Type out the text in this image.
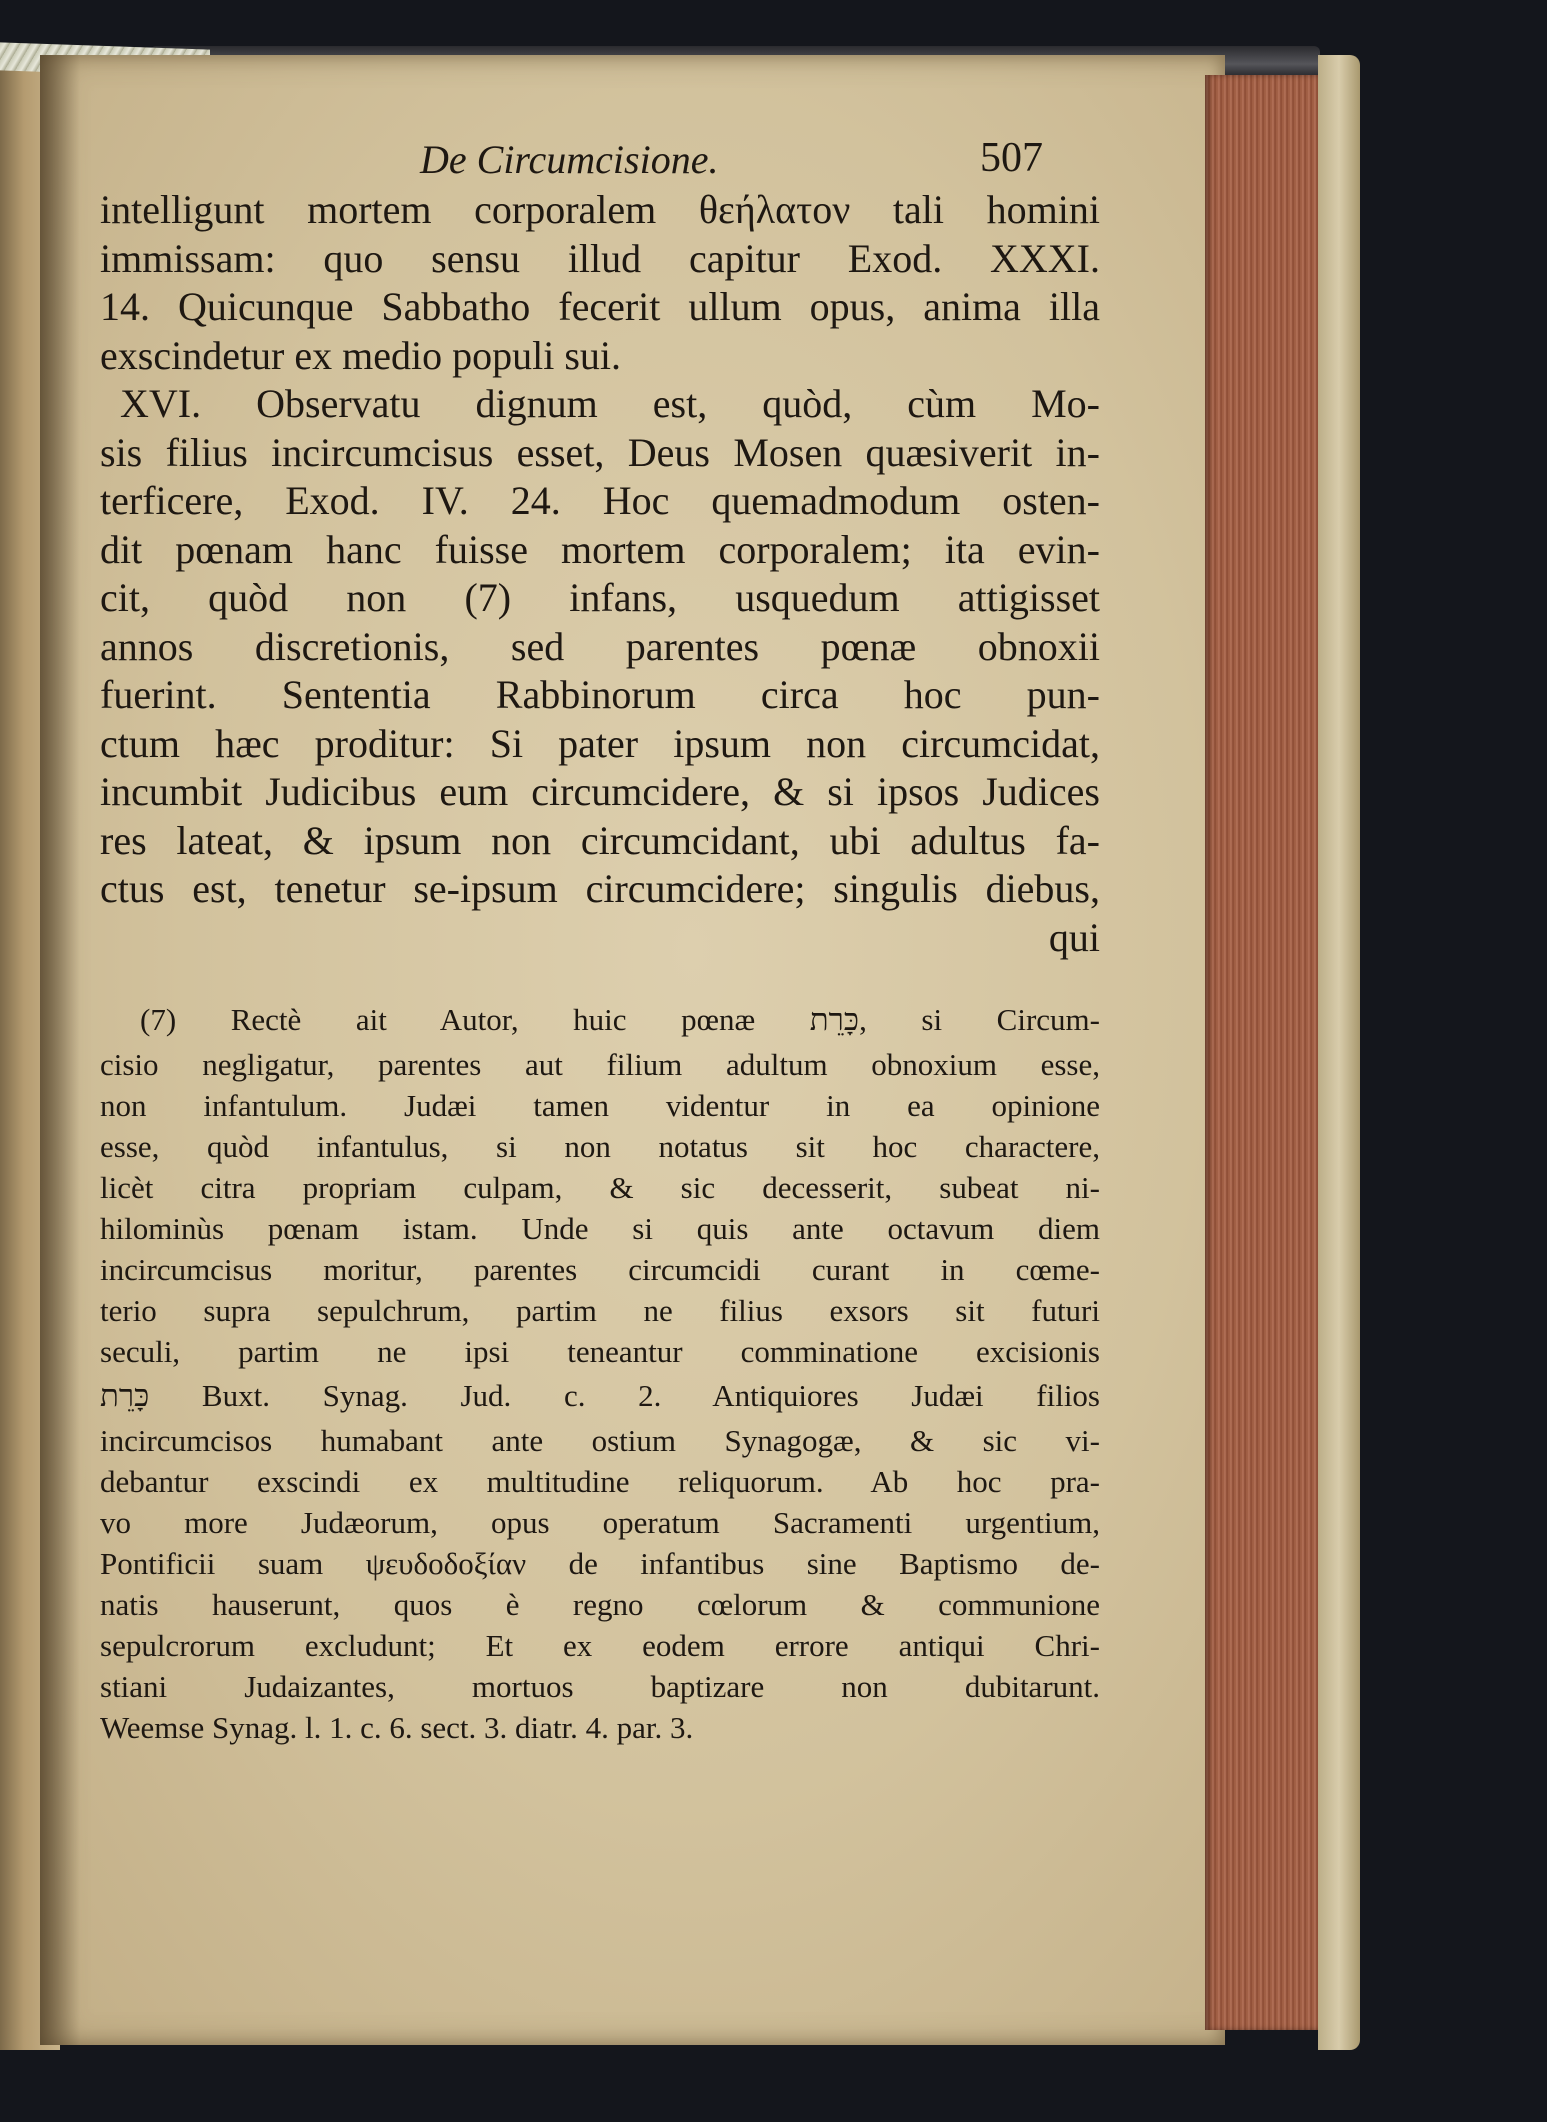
De Circumcisione.	507
intelligunt mortem corporalem θεήλατον tali homini
immissam: quo sensu illud capitur Exod. XXXI.
14. Quicunque Sabbatho fecerit ullum opus, anima illa
exscindetur ex medio populi sui.
XVI. Observatu dignum est, quòd, cùm Mo-
sis filius incircumcisus esset, Deus Mosen quæsiverit in-
terficere, Exod. IV. 24. Hoc quemadmodum osten-
dit pœnam hanc fuisse mortem corporalem; ita evin-
cit, quòd non (7) infans, usquedum attigisset
annos discretionis, sed parentes pœnæ obnoxii
fuerint. Sententia Rabbinorum circa hoc pun-
ctum hæc proditur: Si pater ipsum non circumcidat,
incumbit Judicibus eum circumcidere, & si ipsos Judices
res lateat, & ipsum non circumcidant, ubi adultus fa-
ctus est, tenetur se-ipsum circumcidere; singulis diebus,
qui
(7) Rectè ait Autor, huic pœnæ כָּרֵת, si Circum-
cisio negligatur, parentes aut filium adultum obnoxium esse,
non infantulum. Judæi tamen videntur in ea opinione
esse, quòd infantulus, si non notatus sit hoc charactere,
licèt citra propriam culpam, & sic decesserit, subeat ni-
hilominùs pœnam istam. Unde si quis ante octavum diem
incircumcisus moritur, parentes circumcidi curant in cœme-
terio supra sepulchrum, partim ne filius exsors sit futuri
seculi, partim ne ipsi teneantur comminatione excisionis
כָּרֵת Buxt. Synag. Jud. c. 2. Antiquiores Judæi filios
incircumcisos humabant ante ostium Synagogæ, & sic vi-
debantur exscindi ex multitudine reliquorum. Ab hoc pra-
vo more Judæorum, opus operatum Sacramenti urgentium,
Pontificii suam ψευδοδοξίαν de infantibus sine Baptismo de-
natis hauserunt, quos è regno cœlorum & communione
sepulcrorum excludunt; Et ex eodem errore antiqui Chri-
stiani Judaizantes, mortuos baptizare non dubitarunt.
Weemse Synag. l. 1. c. 6. sect. 3. diatr. 4. par. 3.
